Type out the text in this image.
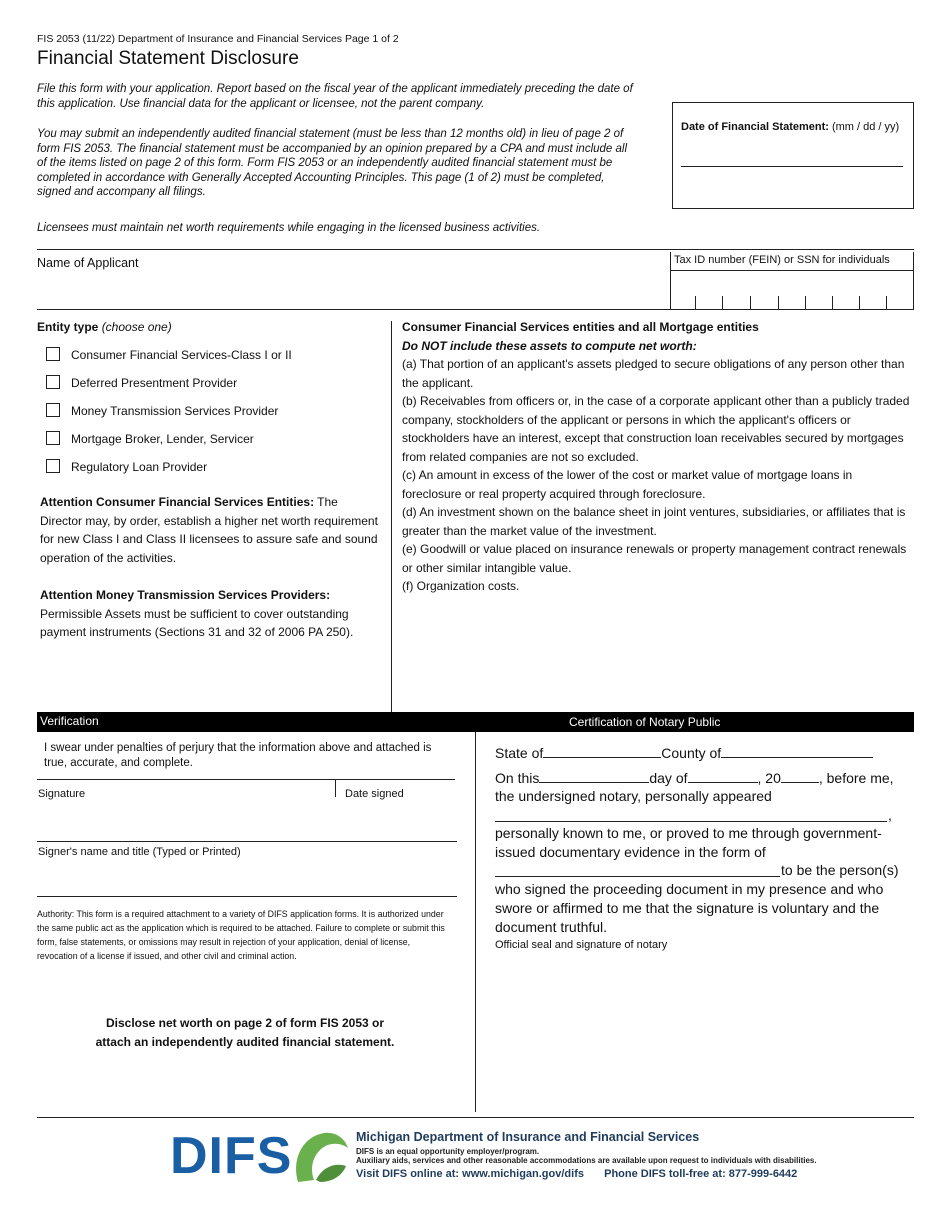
FIS 2053 (11/22) Department of Insurance and Financial Services Page 1 of 2
Financial Statement Disclosure

File this form with your application. Report based on the fiscal year of the applicant immediately preceding the date of this application. Use financial data for the applicant or licensee, not the parent company.

You may submit an independently audited financial statement (must be less than 12 months old) in lieu of page 2 of form FIS 2053. The financial statement must be accompanied by an opinion prepared by a CPA and must include all of the items listed on page 2 of this form. Form FIS 2053 or an independently audited financial statement must be completed in accordance with Generally Accepted Accounting Principles. This page (1 of 2) must be completed, signed and accompany all filings.

Licensees must maintain net worth requirements while engaging in the licensed business activities.

Date of Financial Statement: (mm / dd / yy)
Name of Applicant	Tax ID number (FEIN) or SSN for individuals
Entity type (choose one)
Consumer Financial Services-Class I or II
Deferred Presentment Provider
Money Transmission Services Provider
Mortgage Broker, Lender, Servicer
Regulatory Loan Provider

Attention Consumer Financial Services Entities: The Director may, by order, establish a higher net worth requirement for new Class I and Class II licensees to assure safe and sound operation of the activities.

Attention Money Transmission Services Providers:

Permissible Assets must be sufficient to cover outstanding payment instruments (Sections 31 and 32 of 2006 PA 250).

Consumer Financial Services entities and all Mortgage entities

Do NOT include these assets to compute net worth:

(a) That portion of an applicant's assets pledged to secure obligations of any person other than the applicant.

(b) Receivables from officers or, in the case of a corporate applicant other than a publicly traded company, stockholders of the applicant or persons in which the applicant's officers or stockholders have an interest, except that construction loan receivables secured by mortgages from related companies are not so excluded.

(c) An amount in excess of the lower of the cost or market value of mortgage loans in foreclosure or real property acquired through foreclosure.

(d) An investment shown on the balance sheet in joint ventures, subsidiaries, or affiliates that is greater than the market value of the investment.

(e) Goodwill or value placed on insurance renewals or property management contract renewals or other similar intangible value.

(f) Organization costs.

Verification	Certification of Notary Public
I swear under penalties of perjury that the information above and attached is true, accurate, and complete.
Signature	Date signed
Signer's name and title (Typed or Printed)
Authority: This form is a required attachment to a variety of DIFS application forms. It is authorized under the same public act as the application which is required to be attached. Failure to complete or submit this form, false statements, or omissions may result in rejection of your application, denial of license, revocation of a license if issued, and other civil and criminal action.
Disclose net worth on page 2 of form FIS 2053 or
attach an independently audited financial statement.
State of	County of
On this	day of	, 20	, before me,
the undersigned notary, personally appeared
,
personally known to me, or proved to me through government-
issued documentary evidence in the form of
to be the person(s)
who signed the proceeding document in my presence and who
swore or affirmed to me that the signature is voluntary and the
document truthful.
Official seal and signature of notary
DIFS	Michigan Department of Insurance and Financial Services
DIFS is an equal opportunity employer/program.
Auxiliary aids, services and other reasonable accommodations are available upon request to individuals with disabilities.
Visit DIFS online at: www.michigan.gov/difs Phone DIFS toll-free at: 877-999-6442
